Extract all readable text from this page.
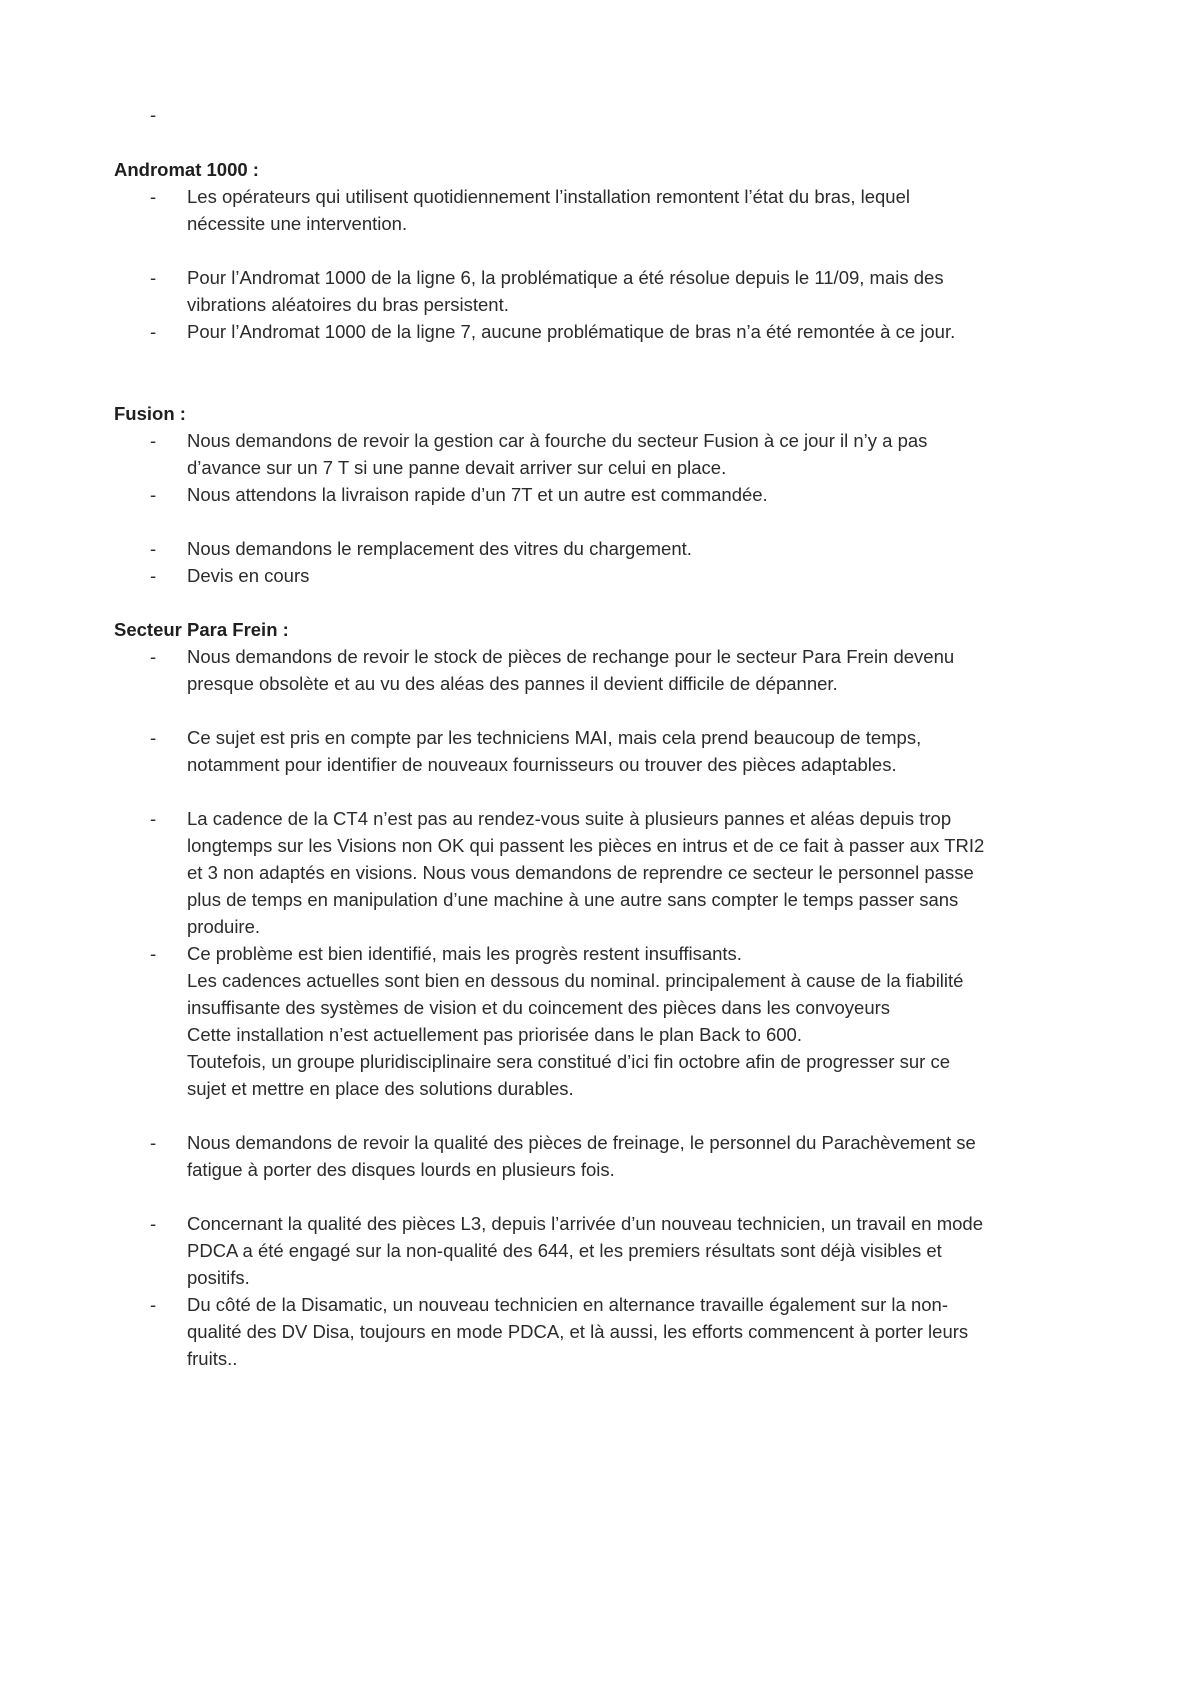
-
Andromat 1000 :
- Les opérateurs qui utilisent quotidiennement l’installation remontent l’état du bras, lequel
nécessite une intervention.
- Pour l’Andromat 1000 de la ligne 6, la problématique a été résolue depuis le 11/09, mais des
vibrations aléatoires du bras persistent.
- Pour l’Andromat 1000 de la ligne 7, aucune problématique de bras n’a été remontée à ce jour.
Fusion :
- Nous demandons de revoir la gestion car à fourche du secteur Fusion à ce jour il n’y a pas
d’avance sur un 7 T si une panne devait arriver sur celui en place.
- Nous attendons la livraison rapide d’un 7T et un autre est commandée.
- Nous demandons le remplacement des vitres du chargement.
- Devis en cours
Secteur Para Frein :
- Nous demandons de revoir le stock de pièces de rechange pour le secteur Para Frein devenu
presque obsolète et au vu des aléas des pannes il devient difficile de dépanner.
- Ce sujet est pris en compte par les techniciens MAI, mais cela prend beaucoup de temps,
notamment pour identifier de nouveaux fournisseurs ou trouver des pièces adaptables.
- La cadence de la CT4 n’est pas au rendez-vous suite à plusieurs pannes et aléas depuis trop
longtemps sur les Visions non OK qui passent les pièces en intrus et de ce fait à passer aux TRI2
et 3 non adaptés en visions. Nous vous demandons de reprendre ce secteur le personnel passe
plus de temps en manipulation d’une machine à une autre sans compter le temps passer sans
produire.
- Ce problème est bien identifié, mais les progrès restent insuffisants.
Les cadences actuelles sont bien en dessous du nominal. principalement à cause de la fiabilité
insuffisante des systèmes de vision et du coincement des pièces dans les convoyeurs
Cette installation n’est actuellement pas priorisée dans le plan Back to 600.
Toutefois, un groupe pluridisciplinaire sera constitué d’ici fin octobre afin de progresser sur ce
sujet et mettre en place des solutions durables.
- Nous demandons de revoir la qualité des pièces de freinage, le personnel du Parachèvement se
fatigue à porter des disques lourds en plusieurs fois.
- Concernant la qualité des pièces L3, depuis l’arrivée d’un nouveau technicien, un travail en mode
PDCA a été engagé sur la non-qualité des 644, et les premiers résultats sont déjà visibles et
positifs.
- Du côté de la Disamatic, un nouveau technicien en alternance travaille également sur la non-
qualité des DV Disa, toujours en mode PDCA, et là aussi, les efforts commencent à porter leurs
fruits..
